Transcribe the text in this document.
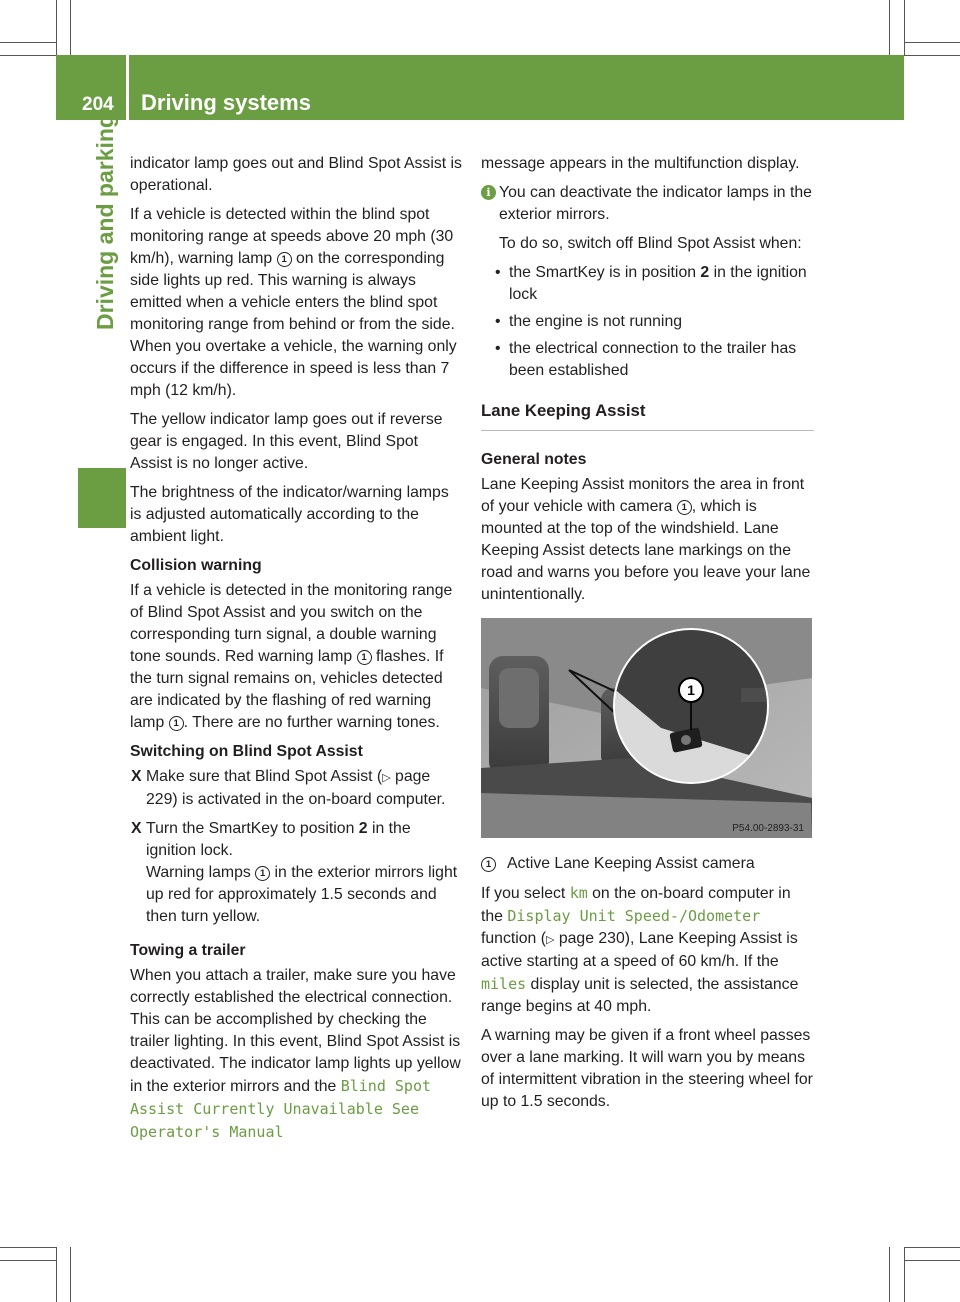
204 Driving systems
Driving and parking indicator lamp goes out and Blind Spot Assist is operational.

If a vehicle is detected within the blind spot monitoring range at speeds above 20 mph (30 km/h), warning lamp 1 on the corresponding side lights up red. This warning is always emitted when a vehicle enters the blind spot monitoring range from behind or from the side. When you overtake a vehicle, the warning only occurs if the difference in speed is less than 7 mph (12 km/h).

The yellow indicator lamp goes out if reverse gear is engaged. In this event, Blind Spot Assist is no longer active.

The brightness of the indicator/warning lamps is adjusted automatically according to the ambient light.

Collision warning

If a vehicle is detected in the monitoring range of Blind Spot Assist and you switch on the corresponding turn signal, a double warning tone sounds. Red warning lamp 1 flashes. If the turn signal remains on, vehicles detected are indicated by the flashing of red warning lamp 1 . There are no further warning tones.

Switching on Blind Spot Assist
X Make sure that Blind Spot Assist (▷ page 229) is activated in the on-board computer.
X Turn the SmartKey to position 2 in the ignition lock.
Warning lamps 1 in the exterior mirrors light up red for approximately 1.5 seconds and then turn yellow.
Towing a trailer

When you attach a trailer, make sure you have correctly established the electrical connection. This can be accomplished by checking the trailer lighting. In this event, Blind Spot Assist is deactivated. The indicator lamp lights up yellow in the exterior mirrors and the Blind Spot Assist Currently Unavailable See Operator's Manual

message appears in the multifunction display.

i You can deactivate the indicator lamps in the exterior mirrors.

To do so, switch off Blind Spot Assist when:

• the SmartKey is in position 2 in the ignition lock
• the engine is not running
• the electrical connection to the trailer has been established
Lane Keeping Assist
General notes

Lane Keeping Assist monitors the area in front of your vehicle with camera 1 , which is mounted at the top of the windshield. Lane Keeping Assist detects lane markings on the road and warns you before you leave your lane unintentionally.

1
P54.00-2893-31
1	Active Lane Keeping Assist camera

If you select km on the on-board computer in the Display Unit Speed-/Odometer function (▷ page 230), Lane Keeping Assist is active starting at a speed of 60 km/h. If the miles display unit is selected, the assistance range begins at 40 mph.

A warning may be given if a front wheel passes over a lane marking. It will warn you by means of intermittent vibration in the steering wheel for up to 1.5 seconds.
